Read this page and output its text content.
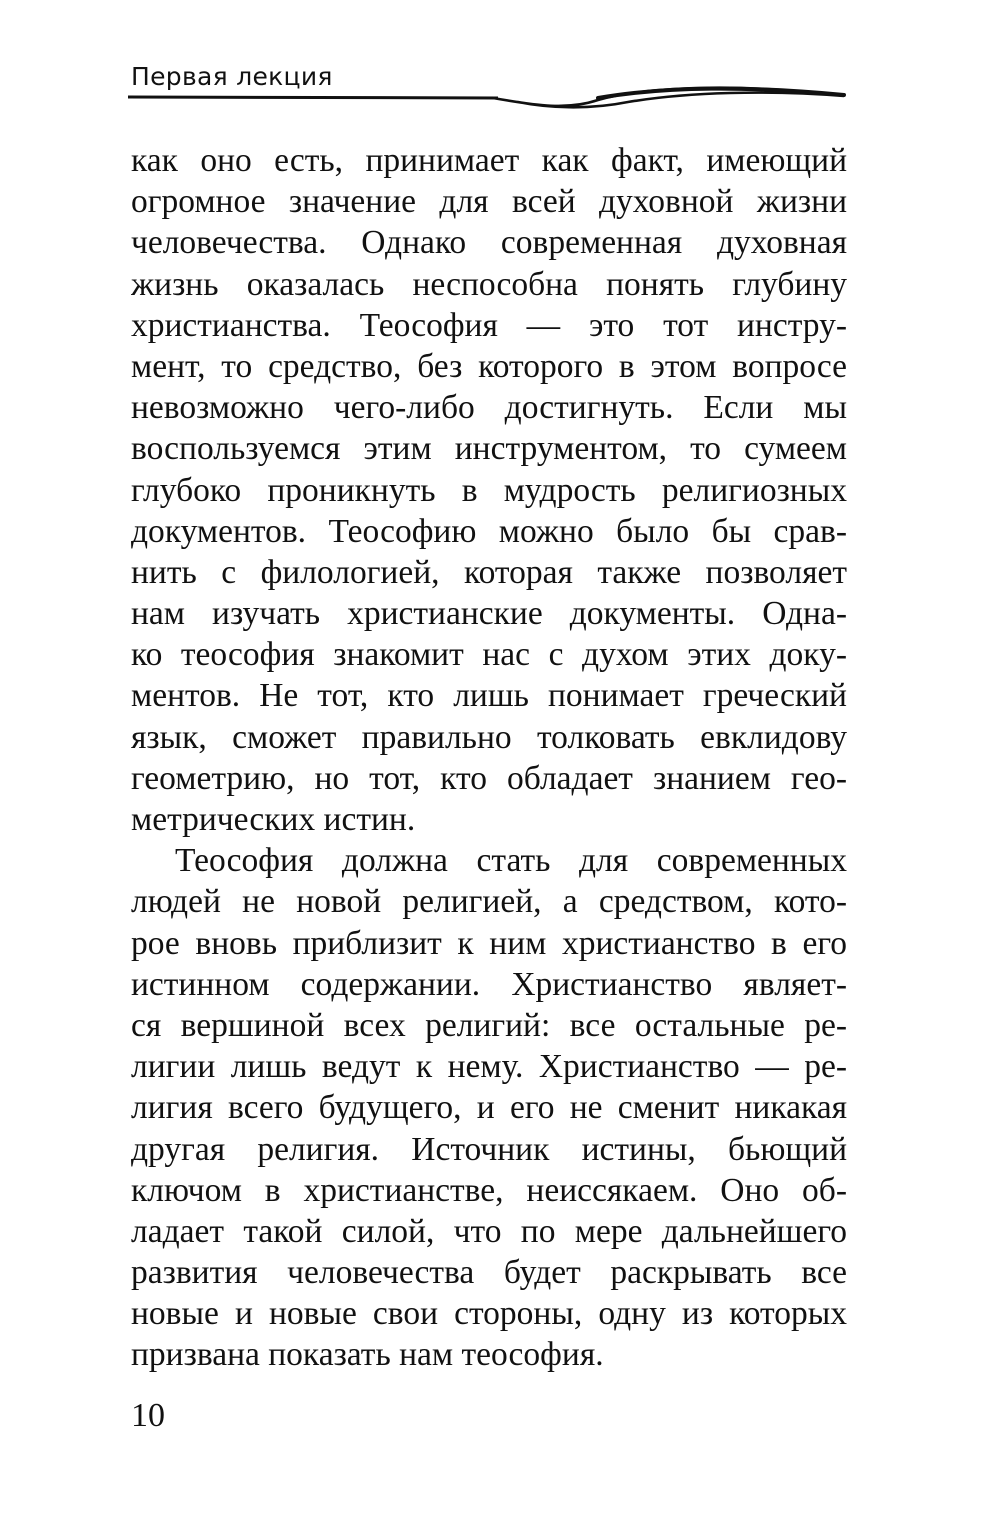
Первая лекция
как оно есть, принимает как факт, имеющий
огромное значение для всей духовной жизни
человечества. Однако современная духовная
жизнь оказалась неспособна понять глубину
христианства. Теософия — это тот инстру-
мент, то средство, без которого в этом вопросе
невозможно чего-либо достигнуть. Если мы
воспользуемся этим инструментом, то сумеем
глубоко проникнуть в мудрость религиозных
документов. Теософию можно было бы срав-
нить с филологией, которая также позволяет
нам изучать христианские документы. Одна-
ко теософия знакомит нас с духом этих доку-
ментов. Не тот, кто лишь понимает греческий
язык, сможет правильно толковать евклидову
геометрию, но тот, кто обладает знанием гео-
метрических истин.
Теософия должна стать для современных
людей не новой религией, а средством, кото-
рое вновь приблизит к ним христианство в его
истинном содержании. Христианство являет-
ся вершиной всех религий: все остальные ре-
лигии лишь ведут к нему. Христианство — ре-
лигия всего будущего, и его не сменит никакая
другая религия. Источник истины, бьющий
ключом в христианстве, неиссякаем. Оно об-
ладает такой силой, что по мере дальнейшего
развития человечества будет раскрывать все
новые и новые свои стороны, одну из которых
призвана показать нам теософия.
10
